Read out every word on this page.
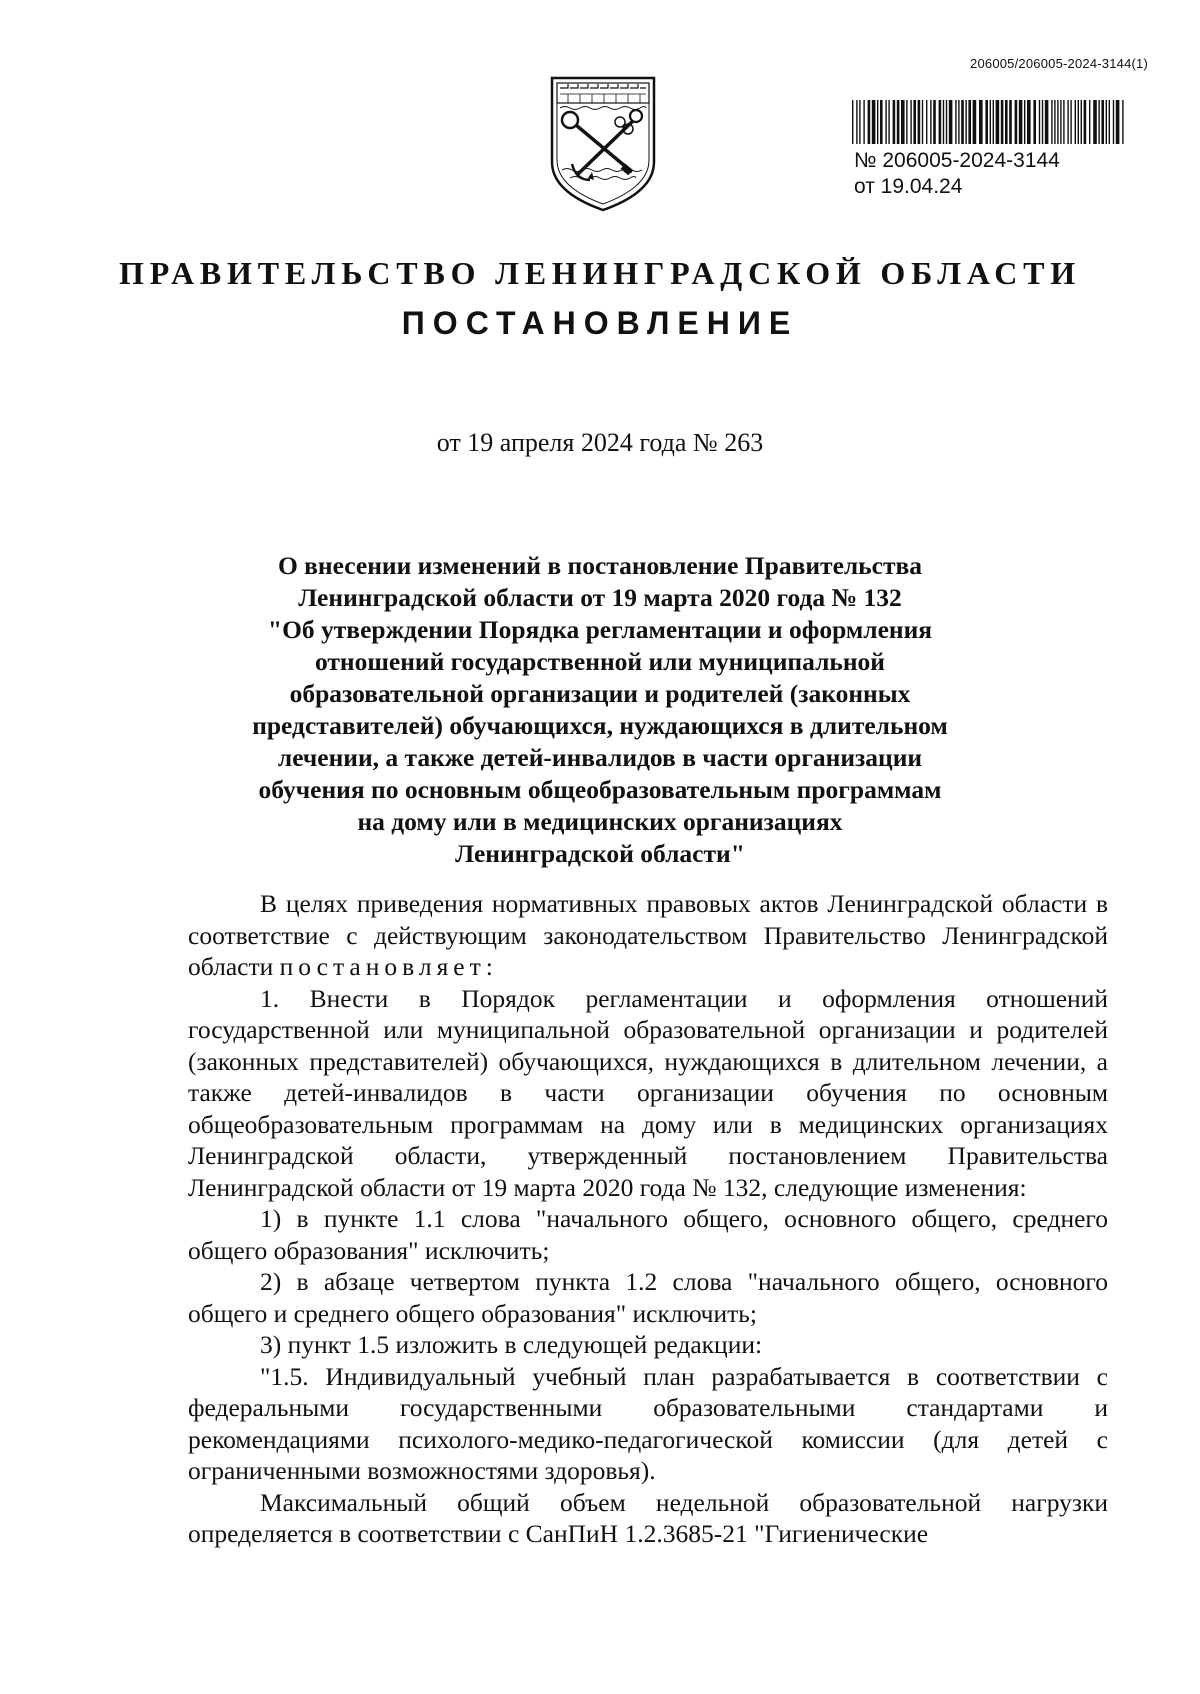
206005/206005-2024-3144(1)
№ 206005-2024-3144
от 19.04.24
ПРАВИТЕЛЬСТВО ЛЕНИНГРАДСКОЙ ОБЛАСТИ
ПОСТАНОВЛЕНИЕ
от 19 апреля 2024 года № 263
О внесении изменений в постановление Правительства
Ленинградской области от 19 марта 2020 года № 132
"Об утверждении Порядка регламентации и оформления
отношений государственной или муниципальной
образовательной организации и родителей (законных
представителей) обучающихся, нуждающихся в длительном
лечении, а также детей-инвалидов в части организации
обучения по основным общеобразовательным программам
на дому или в медицинских организациях
Ленинградской области"

В целях приведения нормативных правовых актов Ленинградской области в соответствие с действующим законодательством Правительство Ленинградской области постановляет:

1. Внести в Порядок регламентации и оформления отношений государственной или муниципальной образовательной организации и родителей (законных представителей) обучающихся, нуждающихся в длительном лечении, а также детей-инвалидов в части организации обучения по основным общеобразовательным программам на дому или в медицинских организациях Ленинградской области, утвержденный постановлением Правительства Ленинградской области от 19 марта 2020 года № 132, следующие изменения:

1) в пункте 1.1 слова "начального общего, основного общего, среднего общего образования" исключить;

2) в абзаце четвертом пункта 1.2 слова "начального общего, основного общего и среднего общего образования" исключить;

3) пункт 1.5 изложить в следующей редакции:

"1.5. Индивидуальный учебный план разрабатывается в соответствии с федеральными государственными образовательными стандартами и рекомендациями психолого-медико-педагогической комиссии (для детей с ограниченными возможностями здоровья).

Максимальный общий объем недельной образовательной нагрузки определяется в соответствии с СанПиН 1.2.3685-21 "Гигиенические
